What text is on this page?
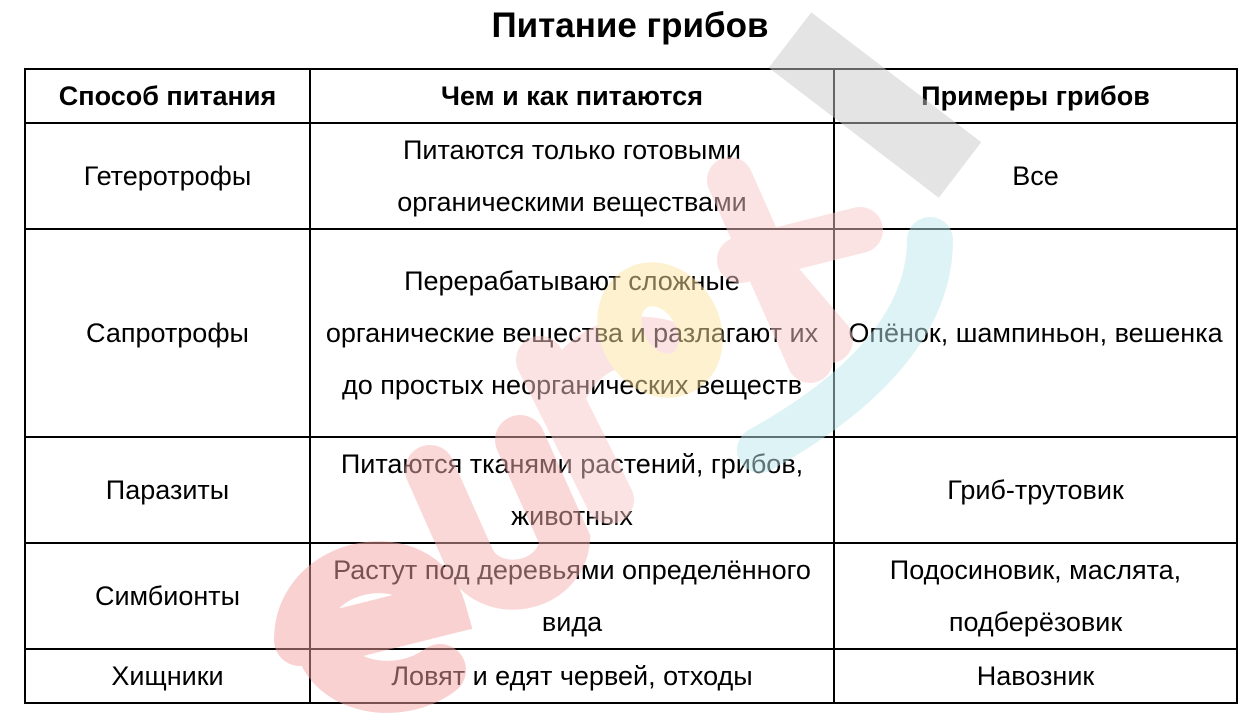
Питание грибов
Способ питания	Чем и как питаются	Примеры грибов
Гетеротрофы	Питаются только готовыми органическими веществами	Все
Сапротрофы	Перерабатывают сложные органические вещества и разлагают их до простых неорганических веществ	Опёнок, шампиньон, вешенка
Паразиты	Питаются тканями растений, грибов, животных	Гриб-трутовик
Симбионты	Растут под деревьями определённого вида	Подосиновик, маслята, подберёзовик
Хищники	Ловят и едят червей, отходы	Навозник
